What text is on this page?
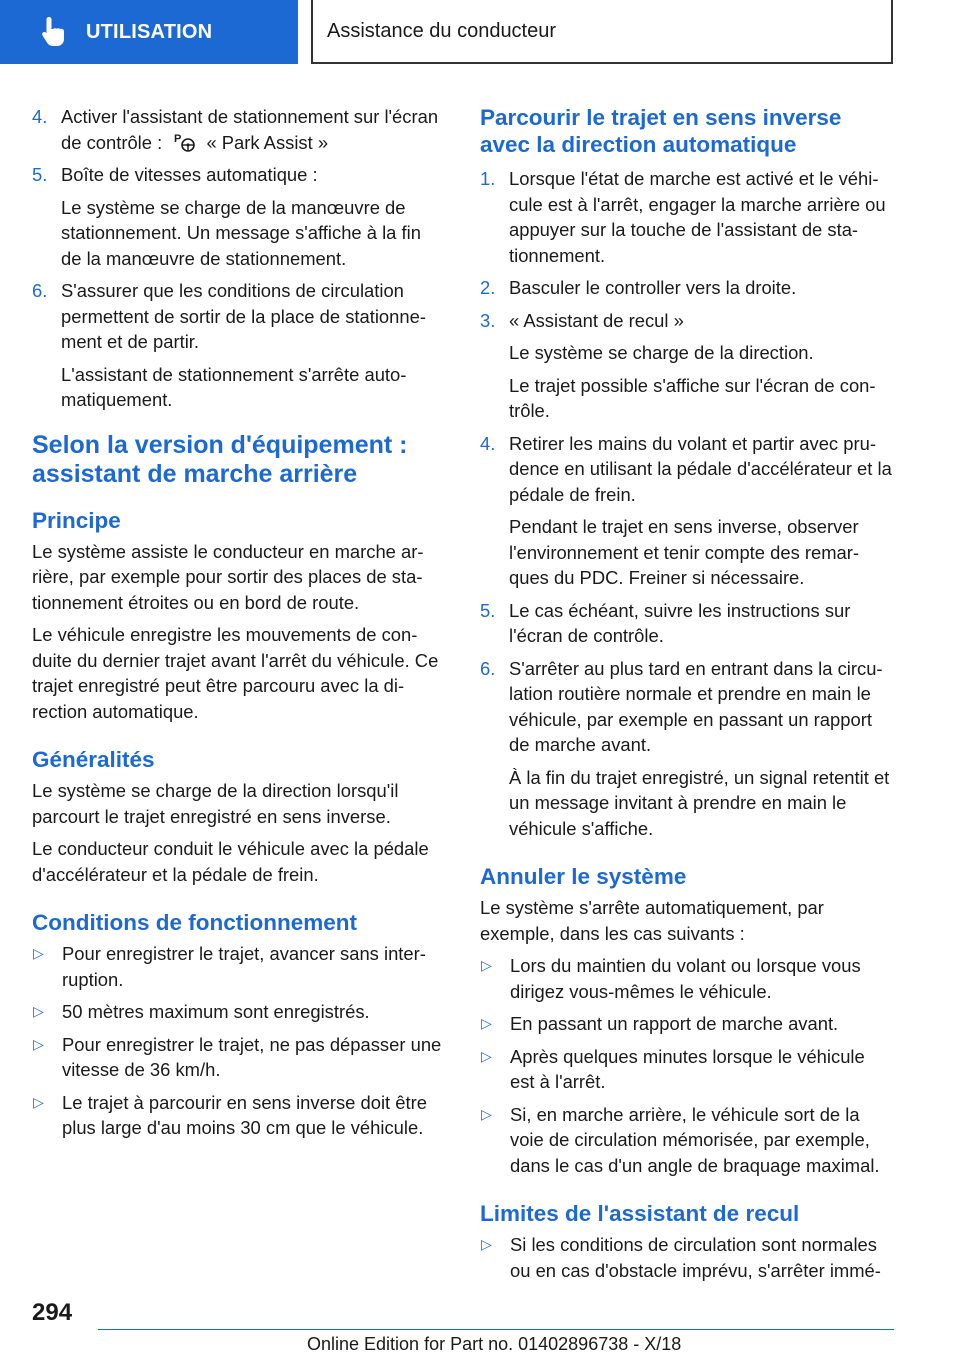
UTILISATION	Assistance du conducteur
4. Activer l'assistant de stationnement sur l'écran de contrôle : P « Park Assist »
5. Boîte de vitesses automatique :
Le système se charge de la manœuvre de stationnement. Un message s'affiche à la fin de la manœuvre de stationnement.
6. S'assurer que les conditions de circulation permettent de sortir de la place de stationne-ment et de partir.
L'assistant de stationnement s'arrête auto-matiquement.
Selon la version d'équipement : assistant de marche arrière
Principe

Le système assiste le conducteur en marche ar-rière, par exemple pour sortir des places de sta-tionnement étroites ou en bord de route.

Le véhicule enregistre les mouvements de con-duite du dernier trajet avant l'arrêt du véhicule. Ce trajet enregistré peut être parcouru avec la di-rection automatique.

Généralités

Le système se charge de la direction lorsqu'il parcourt le trajet enregistré en sens inverse.

Le conducteur conduit le véhicule avec la pédale d'accélérateur et la pédale de frein.

Conditions de fonctionnement
▷ Pour enregistrer le trajet, avancer sans inter-ruption.
▷ 50 mètres maximum sont enregistrés.
▷ Pour enregistrer le trajet, ne pas dépasser une vitesse de 36 km/h.
▷ Le trajet à parcourir en sens inverse doit être plus large d'au moins 30 cm que le véhicule.
Parcourir le trajet en sens inverse avec la direction automatique
1. Lorsque l'état de marche est activé et le véhi-cule est à l'arrêt, engager la marche arrière ou appuyer sur la touche de l'assistant de sta-tionnement.
2. Basculer le controller vers la droite.
3. « Assistant de recul »
Le système se charge de la direction.
Le trajet possible s'affiche sur l'écran de con-trôle.
4. Retirer les mains du volant et partir avec pru-dence en utilisant la pédale d'accélérateur et la pédale de frein.
Pendant le trajet en sens inverse, observer l'environnement et tenir compte des remar-ques du PDC. Freiner si nécessaire.
5. Le cas échéant, suivre les instructions sur l'écran de contrôle.
6. S'arrêter au plus tard en entrant dans la circu-lation routière normale et prendre en main le véhicule, par exemple en passant un rapport de marche avant.
À la fin du trajet enregistré, un signal retentit et un message invitant à prendre en main le véhicule s'affiche.
Annuler le système

Le système s'arrête automatiquement, par exemple, dans les cas suivants :

▷ Lors du maintien du volant ou lorsque vous dirigez vous-mêmes le véhicule.
▷ En passant un rapport de marche avant.
▷ Après quelques minutes lorsque le véhicule est à l'arrêt.
▷ Si, en marche arrière, le véhicule sort de la voie de circulation mémorisée, par exemple, dans le cas d'un angle de braquage maximal.
Limites de l'assistant de recul
▷ Si les conditions de circulation sont normales ou en cas d'obstacle imprévu, s'arrêter immé-
294
Online Edition for Part no. 01402896738 - X/18
